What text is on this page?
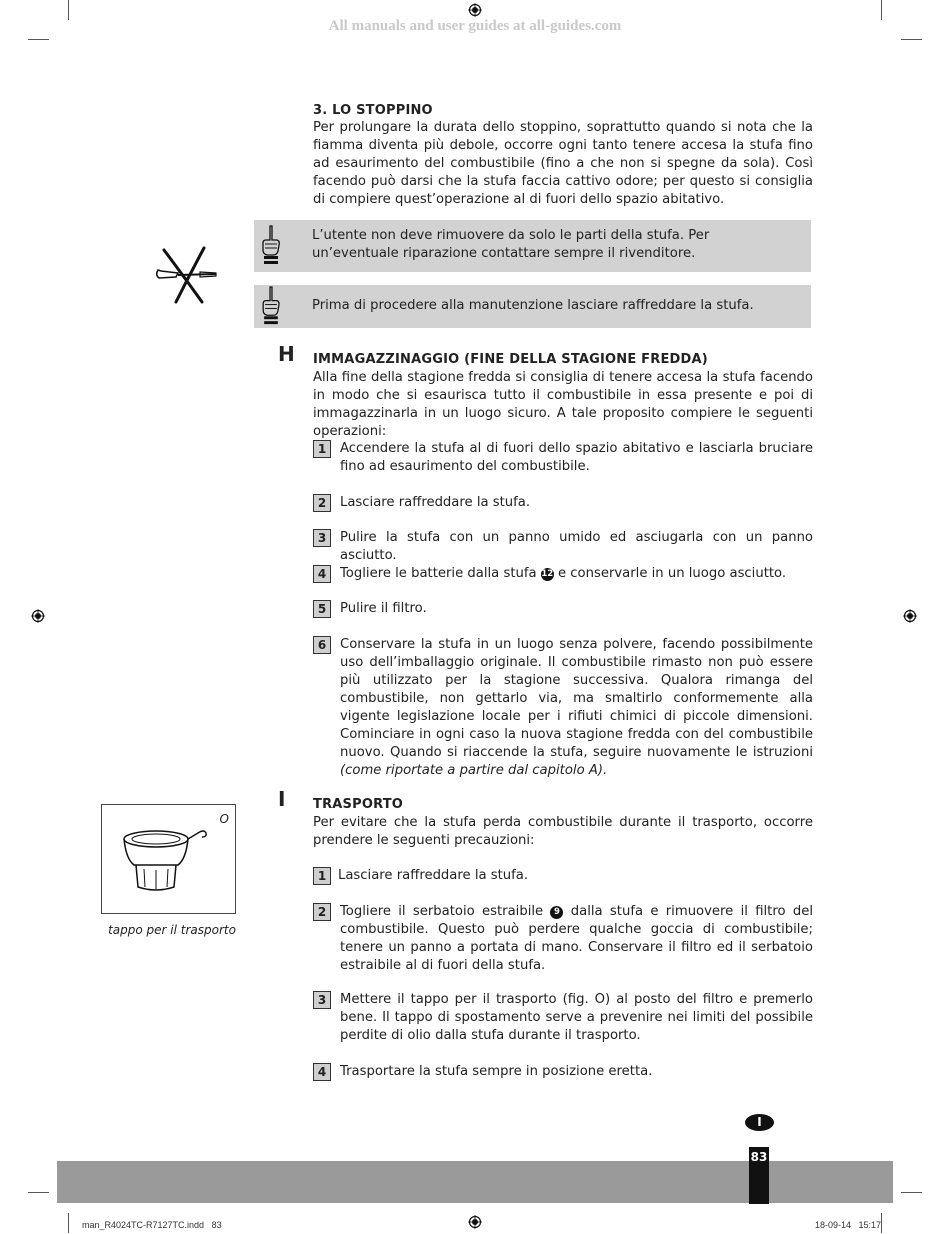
All manuals and user guides at all-guides.com
3. LO STOPPINO
Per prolungare la durata dello stoppino, soprattutto quando si nota che la fiamma diventa più debole, occorre ogni tanto tenere accesa la stufa fino ad esaurimento del combustibile (fino a che non si spegne da sola). Così facendo può darsi che la stufa faccia cattivo odore; per questo si consiglia di compiere quest’operazione al di fuori dello spazio abitativo.
L’utente non deve rimuovere da solo le parti della stufa. Per un’eventuale riparazione contattare sempre il rivenditore.
Prima di procedere alla manutenzione lasciare raffreddare la stufa.
H IMMAGAZZINAGGIO (FINE DELLA STAGIONE FREDDA)
Alla fine della stagione fredda si consiglia di tenere accesa la stufa facendo in modo che si esaurisca tutto il combustibile in essa presente e poi di immagazzinarla in un luogo sicuro. A tale proposito compiere le seguenti operazioni:
1	Accendere la stufa al di fuori dello spazio abitativo e lasciarla bruciare fino ad esaurimento del combustibile.
2	Lasciare raffreddare la stufa.
3	Pulire la stufa con un panno umido ed asciugarla con un panno asciutto.
4	Togliere le batterie dalla stufa 12 e conservarle in un luogo asciutto.
5	Pulire il filtro.
6	Conservare la stufa in un luogo senza polvere, facendo possibilmente uso dell’imballaggio originale. Il combustibile rimasto non può essere più utilizzato per la stagione successiva. Qualora rimanga del combustibile, non gettarlo via, ma smaltirlo conformemente alla vigente legislazione locale per i rifiuti chimici di piccole dimensioni. Cominciare in ogni caso la nuova stagione fredda con del combustibile nuovo. Quando si riaccende la stufa, seguire nuovamente le istruzioni (come riportate a partire dal capitolo A).
I TRASPORTO
Per evitare che la stufa perda combustibile durante il trasporto, occorre prendere le seguenti precauzioni:
1 Lasciare raffreddare la stufa.
2	Togliere il serbatoio estraibile 9 dalla stufa e rimuovere il filtro del combustibile. Questo può perdere qualche goccia di combustibile; tenere un panno a portata di mano. Conservare il filtro ed il serbatoio estraibile al di fuori della stufa.
3	Mettere il tappo per il trasporto (fig. O) al posto del filtro e premerlo bene. Il tappo di spostamento serve a prevenire nei limiti del possibile perdite di olio dalla stufa durante il trasporto.
4	Trasportare la stufa sempre in posizione eretta.
O
tappo per il trasporto
I
83
man_R4024TC-R7127TC.indd   83	18-09-14   15:17
